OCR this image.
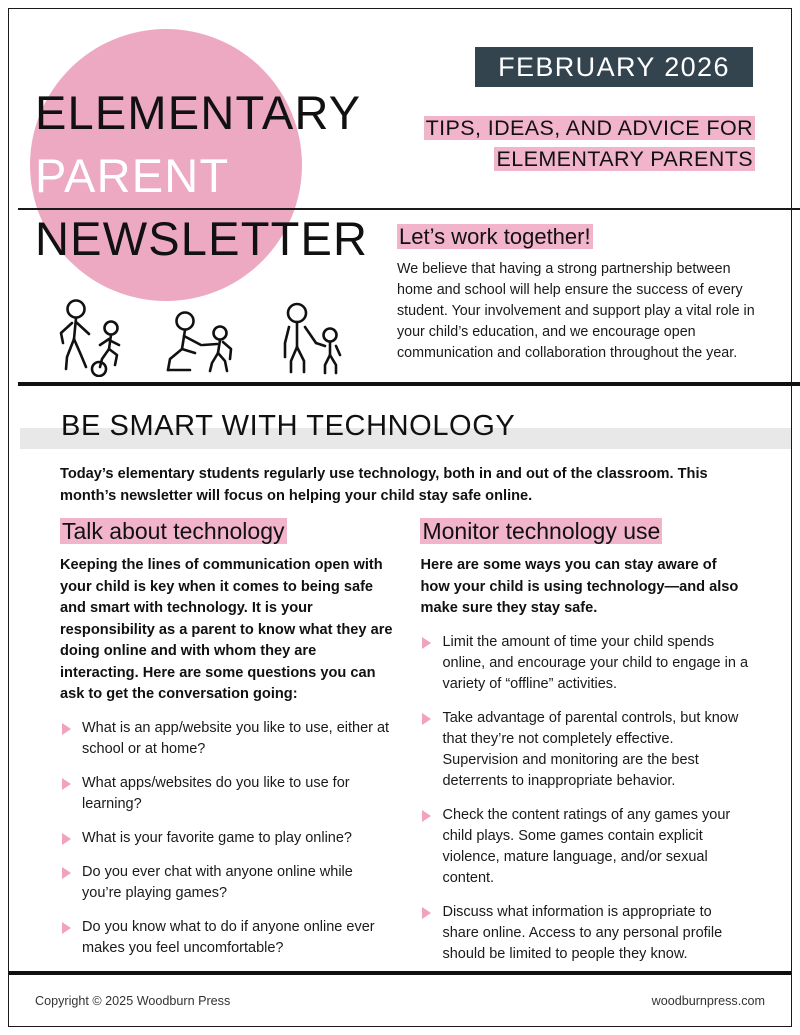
ELEMENTARY
PARENT
NEWSLETTER
FEBRUARY 2026
TIPS, IDEAS, AND ADVICE FOR
ELEMENTARY PARENTS
Let’s work together!
We believe that having a strong partnership between home and school will help ensure the success of every student. Your involvement and support play a vital role in your child’s education, and we encourage open communication and collaboration throughout the year.
BE SMART WITH TECHNOLOGY
Today’s elementary students regularly use technology, both in and out of the classroom. This month’s newsletter will focus on helping your child stay safe online.
Talk about technology
Keeping the lines of communication open with your child is key when it comes to being safe and smart with technology. It is your responsibility as a parent to know what they are doing online and with whom they are interacting. Here are some questions you can ask to get the conversation going:
What is an app/website you like to use, either at school or at home?
What apps/websites do you like to use for learning?
What is your favorite game to play online?
Do you ever chat with anyone online while you’re playing games?
Do you know what to do if anyone online ever makes you feel uncomfortable?
Monitor technology use
Here are some ways you can stay aware of how your child is using technology—and also make sure they stay safe.
Limit the amount of time your child spends online, and encourage your child to engage in a variety of “offline” activities.
Take advantage of parental controls, but know that they’re not completely effective. Supervision and monitoring are the best deterrents to inappropriate behavior.
Check the content ratings of any games your child plays. Some games contain explicit violence, mature language, and/or sexual content.
Discuss what information is appropriate to share online. Access to any personal profile should be limited to people they know.
Copyright © 2025 Woodburn Press	woodburnpress.com
